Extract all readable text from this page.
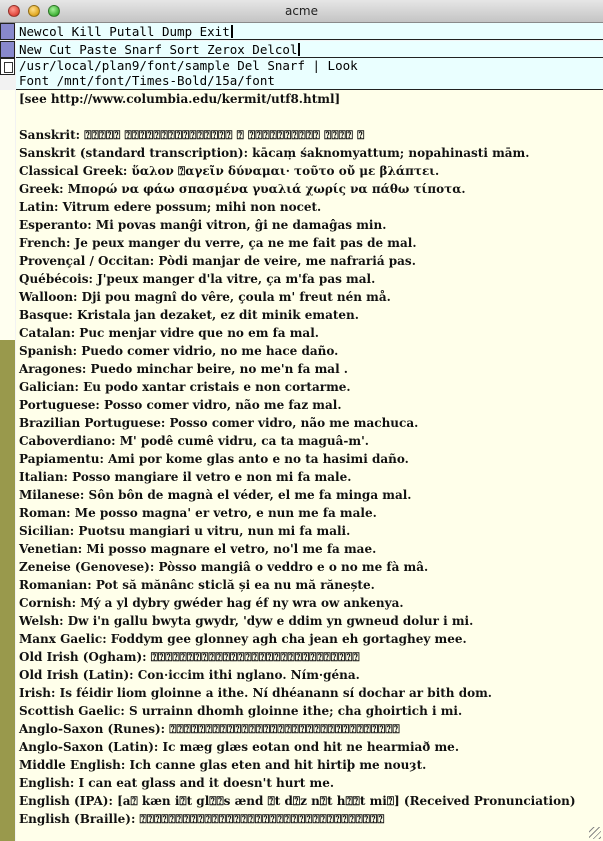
acme
Newcol Kill Putall Dump Exit
New Cut Paste Snarf Sort Zerox Delcol
/usr/local/plan9/font/sample Del Snarf | Look
Font /mnt/font/Times-Bold/15a/font
[see http://www.columbia.edu/kermit/utf8.html]
Sanskrit: ⍰⍰⍰⍰⍰ ⍰⍰⍰⍰⍰⍰⍰⍰⍰⍰⍰⍰⍰⍰⍰ ⍰ ⍰⍰⍰⍰⍰⍰⍰⍰⍰⍰ ⍰⍰⍰⍰ ⍰
Sanskrit (standard transcription): kācaṃ śaknomyattum; nopahinasti mām.
Classical Greek: ὕαλον ⍰αγεῖν δύναμαι· τοῦτο οὔ με βλάπτει.
Greek: Μπορώ να φάω σπασμένα γυαλιά χωρίς να πάθω τίποτα.
Latin: Vitrum edere possum; mihi non nocet.
Esperanto: Mi povas manĝi vitron, ĝi ne damaĝas min.
French: Je peux manger du verre, ça ne me fait pas de mal.
Provençal / Occitan: Pòdi manjar de veire, me nafrariá pas.
Québécois: J'peux manger d'la vitre, ça m'fa pas mal.
Walloon: Dji pou magnî do vêre, çoula m' freut nén må.
Basque: Kristala jan dezaket, ez dit minik ematen.
Catalan: Puc menjar vidre que no em fa mal.
Spanish: Puedo comer vidrio, no me hace daño.
Aragones: Puedo minchar beire, no me'n fa mal .
Galician: Eu podo xantar cristais e non cortarme.
Portuguese: Posso comer vidro, não me faz mal.
Brazilian Portuguese: Posso comer vidro, não me machuca.
Caboverdiano: M' podê cumê vidru, ca ta maguâ-m'.
Papiamentu: Ami por kome glas anto e no ta hasimi daño.
Italian: Posso mangiare il vetro e non mi fa male.
Milanese: Sôn bôn de magnà el véder, el me fa minga mal.
Roman: Me posso magna' er vetro, e nun me fa male.
Sicilian: Puotsu mangiari u vitru, nun mi fa mali.
Venetian: Mi posso magnare el vetro, no'l me fa mae.
Zeneise (Genovese): Pòsso mangiâ o veddro e o no me fà mâ.
Romanian: Pot să mănânc sticlă și ea nu mă rănește.
Cornish: Mý a yl dybry gwéder hag éf ny wra ow ankenya.
Welsh: Dw i'n gallu bwyta gwydr, 'dyw e ddim yn gwneud dolur i mi.
Manx Gaelic: Foddym gee glonney agh cha jean eh gortaghey mee.
Old Irish (Ogham): ⍰⍰⍰⍰⍰⍰⍰⍰⍰⍰⍰⍰⍰⍰⍰⍰⍰⍰⍰⍰⍰⍰⍰⍰⍰⍰⍰⍰⍰
Old Irish (Latin): Con·iccim ithi nglano. Ním·géna.
Irish: Is féidir liom gloinne a ithe. Ní dhéanann sí dochar ar bith dom.
Scottish Gaelic: S urrainn dhomh gloinne ithe; cha ghoirtich i mi.
Anglo-Saxon (Runes): ⍰⍰⍰⍰⍰⍰⍰⍰⍰⍰⍰⍰⍰⍰⍰⍰⍰⍰⍰⍰⍰⍰⍰⍰⍰⍰⍰⍰⍰⍰⍰⍰
Anglo-Saxon (Latin): Ic mæg glæs eotan ond hit ne hearmiað me.
Middle English: Ich canne glas eten and hit hirtiþ me nouȝt.
English: I can eat glass and it doesn't hurt me.
English (IPA): [a⍰ kæn i⍰t gl⍰⍰s ænd ⍰t d⍰z n⍰t h⍰⍰t mi⍰] (Received Pronunciation)
English (Braille): ⍰⍰⍰⍰⍰⍰⍰⍰⍰⍰⍰⍰⍰⍰⍰⍰⍰⍰⍰⍰⍰⍰⍰⍰⍰⍰⍰⍰⍰⍰⍰⍰⍰⍰
